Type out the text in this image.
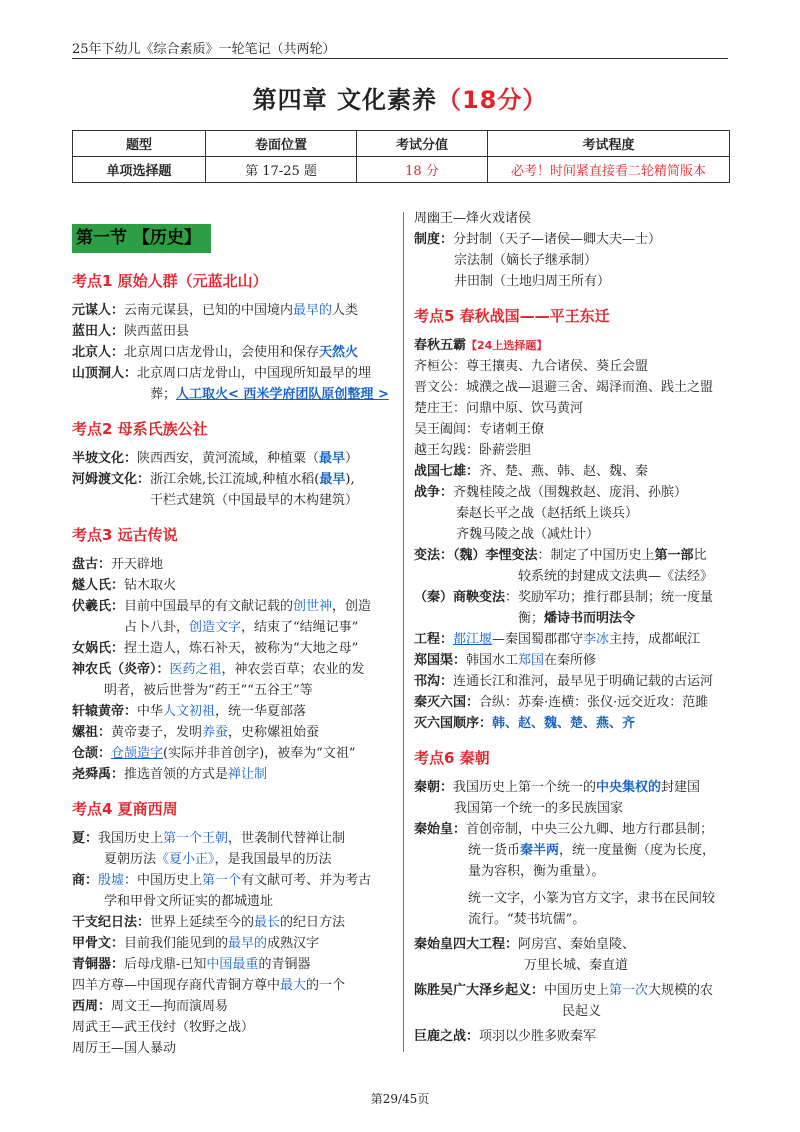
25年下幼儿《综合素质》一轮笔记（共两轮）
第四章 文化素养（18分）
题型	卷面位置	考试分值	考试程度
单项选择题	第 17-25 题	18 分	必考！时间紧直接看二轮精简版本
第一节 【历史】
考点1 原始人群（元蓝北山）
元谋人：云南元谋县，已知的中国境内最早的人类
蓝田人：陕西蓝田县
北京人：北京周口店龙骨山，会使用和保存天然火
山顶洞人：北京周口店龙骨山，中国现所知最早的埋
葬；人工取火< 西米学府团队原创整理 >
考点2 母系氏族公社
半坡文化：陕西西安，黄河流域，种植粟（最早）
河姆渡文化：浙江余姚,长江流域,种植水稻(最早),
干栏式建筑（中国最早的木构建筑）
考点3 远古传说
盘古：开天辟地
燧人氏：钻木取火
伏羲氏：目前中国最早的有文献记载的创世神，创造
占卜八卦，创造文字，结束了“结绳记事”
女娲氏：捏土造人，炼石补天，被称为“大地之母”
神农氏（炎帝）：医药之祖，神农尝百草；农业的发
明者，被后世誉为“药王”“五谷王”等
轩辕黄帝：中华人文初祖，统一华夏部落
嫘祖：黄帝妻子，发明养蚕，史称嫘祖始蚕
仓颉：仓颉造字(实际并非首创字)，被奉为“文祖”
尧舜禹：推选首领的方式是禅让制
考点4 夏商西周
夏：我国历史上第一个王朝，世袭制代替禅让制
夏朝历法《夏小正》，是我国最早的历法
商：殷墟：中国历史上第一个有文献可考、并为考古
学和甲骨文所证实的都城遗址
干支纪日法：世界上延续至今的最长的纪日方法
甲骨文：目前我们能见到的最早的成熟汉字
青铜器：后母戊鼎-已知中国最重的青铜器
四羊方尊—中国现存商代青铜方尊中最大的一个
西周：周文王—拘而演周易
周武王—武王伐纣（牧野之战）
周厉王—国人暴动
周幽王—烽火戏诸侯
制度：分封制（天子—诸侯—卿大夫—士）
宗法制（嫡长子继承制）
井田制（土地归周王所有）
考点5 春秋战国——平王东迁
春秋五霸【24上选择题】
齐桓公：尊王攘夷、九合诸侯、葵丘会盟
晋文公：城濮之战—退避三舍、竭泽而渔、践土之盟
楚庄王：问鼎中原、饮马黄河
吴王阖闾：专诸刺王僚
越王勾践：卧薪尝胆
战国七雄：齐、楚、燕、韩、赵、魏、秦
战争：齐魏桂陵之战（围魏救赵、庞涓、孙膑）
秦赵长平之战（赵括纸上谈兵）
齐魏马陵之战（减灶计）
变法：（魏）李悝变法：制定了中国历史上第一部比
较系统的封建成文法典—《法经》
（秦）商鞅变法：奖励军功；推行郡县制；统一度量
衡；燔诗书而明法令
工程：都江堰—秦国蜀郡郡守李冰主持，成都岷江
郑国渠：韩国水工郑国在秦所修
邗沟：连通长江和淮河，最早见于明确记载的古运河
秦灭六国：合纵：苏秦·连横：张仪·远交近攻：范雎
灭六国顺序：韩、赵、魏、楚、燕、齐
考点6 秦朝
秦朝：我国历史上第一个统一的中央集权的封建国
我国第一个统一的多民族国家
秦始皇：首创帝制，中央三公九卿、地方行郡县制；
统一货币秦半两，统一度量衡（度为长度，
量为容积，衡为重量）。
统一文字，小篆为官方文字，隶书在民间较
流行。“焚书坑儒”。
秦始皇四大工程：阿房宫、秦始皇陵、
万里长城、秦直道
陈胜吴广大泽乡起义：中国历史上第一次大规模的农
民起义
巨鹿之战：项羽以少胜多败秦军
第29/45页
